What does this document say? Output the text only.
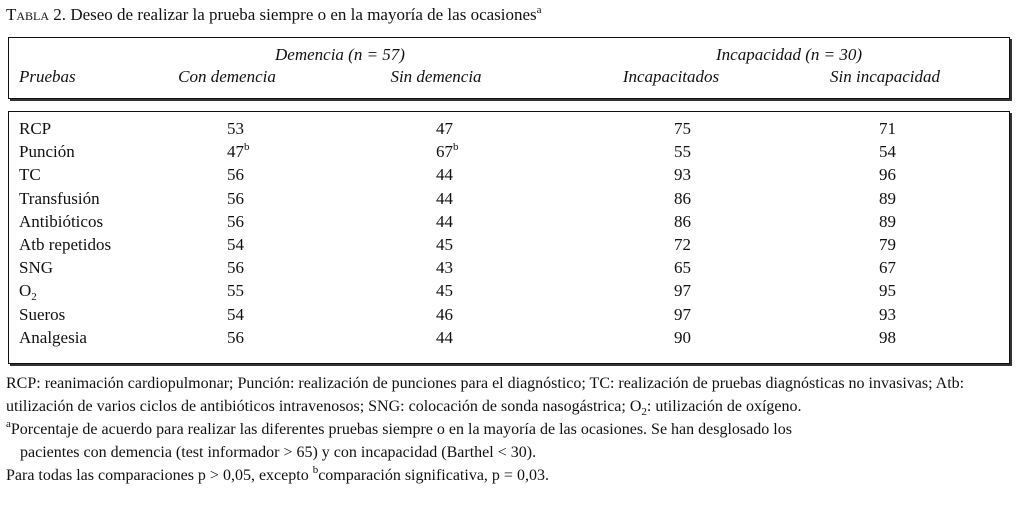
Tabla 2. Deseo de realizar la prueba siempre o en la mayoría de las ocasiones$^a$
Demencia (n = 57)	Incapacidad (n = 30)
Pruebas	Con demencia	Sin demencia	Incapacitados	Sin incapacidad
RCP	53	47	75	71
Punción	47$^b$	67$^b$	55	54
TC	56	44	93	96
Transfusión	56	44	86	89
Antibióticos	56	44	86	89
Atb repetidos	54	45	72	79
SNG	56	43	65	67
$O_2$	55	45	97	95
Sueros	54	46	97	93
Analgesia	56	44	90	98

RCP: reanimación cardiopulmonar; Punción: realización de punciones para el diagnóstico; TC: realización de pruebas diagnósticas no invasivas; Atb: utilización de varios ciclos de antibióticos intravenosos; SNG: colocación de sonda nasogástrica; $O_2$: utilización de oxígeno.

$^a$Porcentaje de acuerdo para realizar las diferentes pruebas siempre o en la mayoría de las ocasiones. Se han desglosado los

pacientes con demencia (test informador > 65) y con incapacidad (Barthel < 30).

Para todas las comparaciones p > 0,05, excepto $^b$comparación significativa, p = 0,03.
